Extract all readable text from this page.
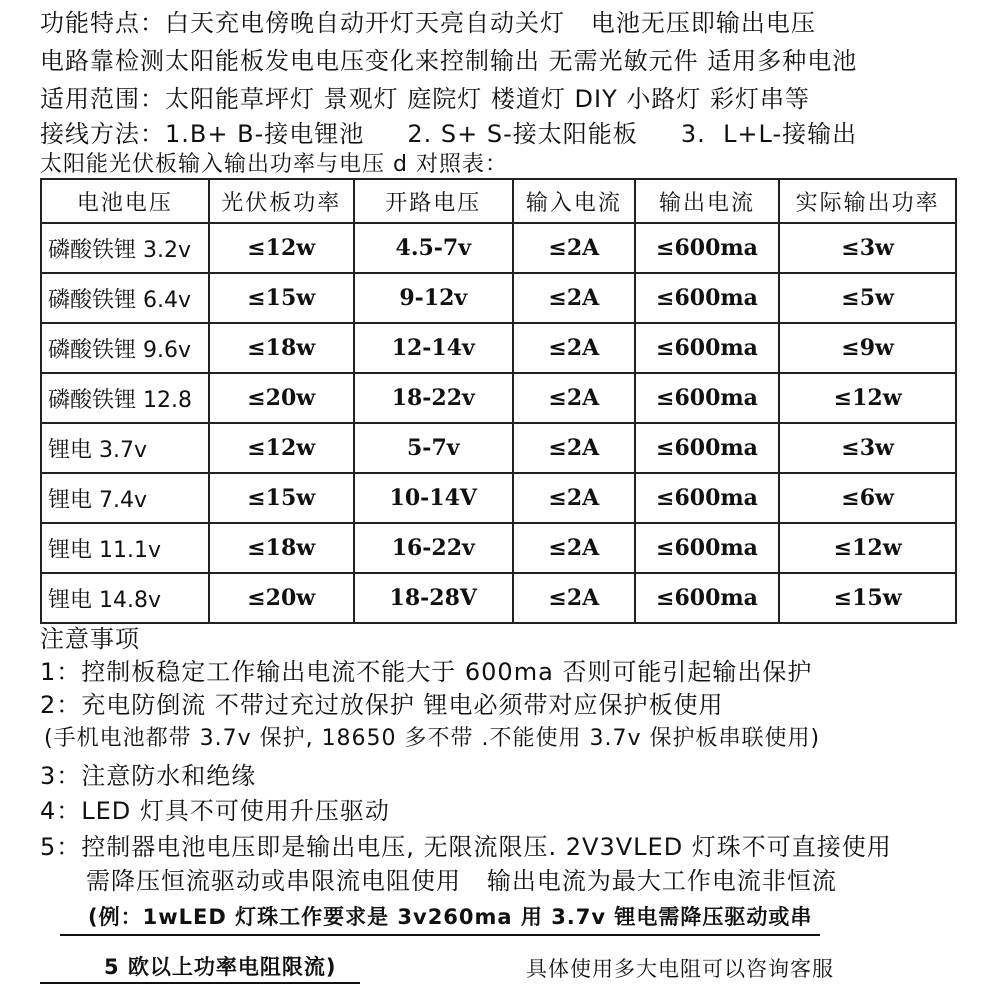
功能特点：白天充电傍晚自动开灯天亮自动关灯   电池无压即输出电压
电路靠检测太阳能板发电电压变化来控制输出 无需光敏元件 适用多种电池
适用范围：太阳能草坪灯 景观灯 庭院灯 楼道灯 DIY 小路灯 彩灯串等
接线方法：1.B+ B-接电锂池     2. S+ S-接太阳能板     3.  L+L-接输出
太阳能光伏板输入输出功率与电压 d 对照表：
电池电压	光伏板功率	开路电压	输入电流	输出电流	实际输出功率
磷酸铁锂 3.2v	≤12w	4.5-7v	≤2A	≤600ma	≤3w
磷酸铁锂 6.4v	≤15w	9-12v	≤2A	≤600ma	≤5w
磷酸铁锂 9.6v	≤18w	12-14v	≤2A	≤600ma	≤9w
磷酸铁锂 12.8	≤20w	18-22v	≤2A	≤600ma	≤12w
锂电 3.7v	≤12w	5-7v	≤2A	≤600ma	≤3w
锂电 7.4v	≤15w	10-14V	≤2A	≤600ma	≤6w
锂电 11.1v	≤18w	16-22v	≤2A	≤600ma	≤12w
锂电 14.8v	≤20w	18-28V	≤2A	≤600ma	≤15w
注意事项
1：控制板稳定工作输出电流不能大于 600ma 否则可能引起输出保护
2：充电防倒流 不带过充过放保护 锂电必须带对应保护板使用
(手机电池都带 3.7v 保护, 18650 多不带 .不能使用 3.7v 保护板串联使用)
3：注意防水和绝缘
4：LED 灯具不可使用升压驱动
5：控制器电池电压即是输出电压, 无限流限压. 2V3VLED 灯珠不可直接使用
需降压恒流驱动或串限流电阻使用   输出电流为最大工作电流非恒流
(例：1wLED 灯珠工作要求是 3v260ma 用 3.7v 锂电需降压驱动或串
5 欧以上功率电阻限流)	具体使用多大电阻可以咨询客服
